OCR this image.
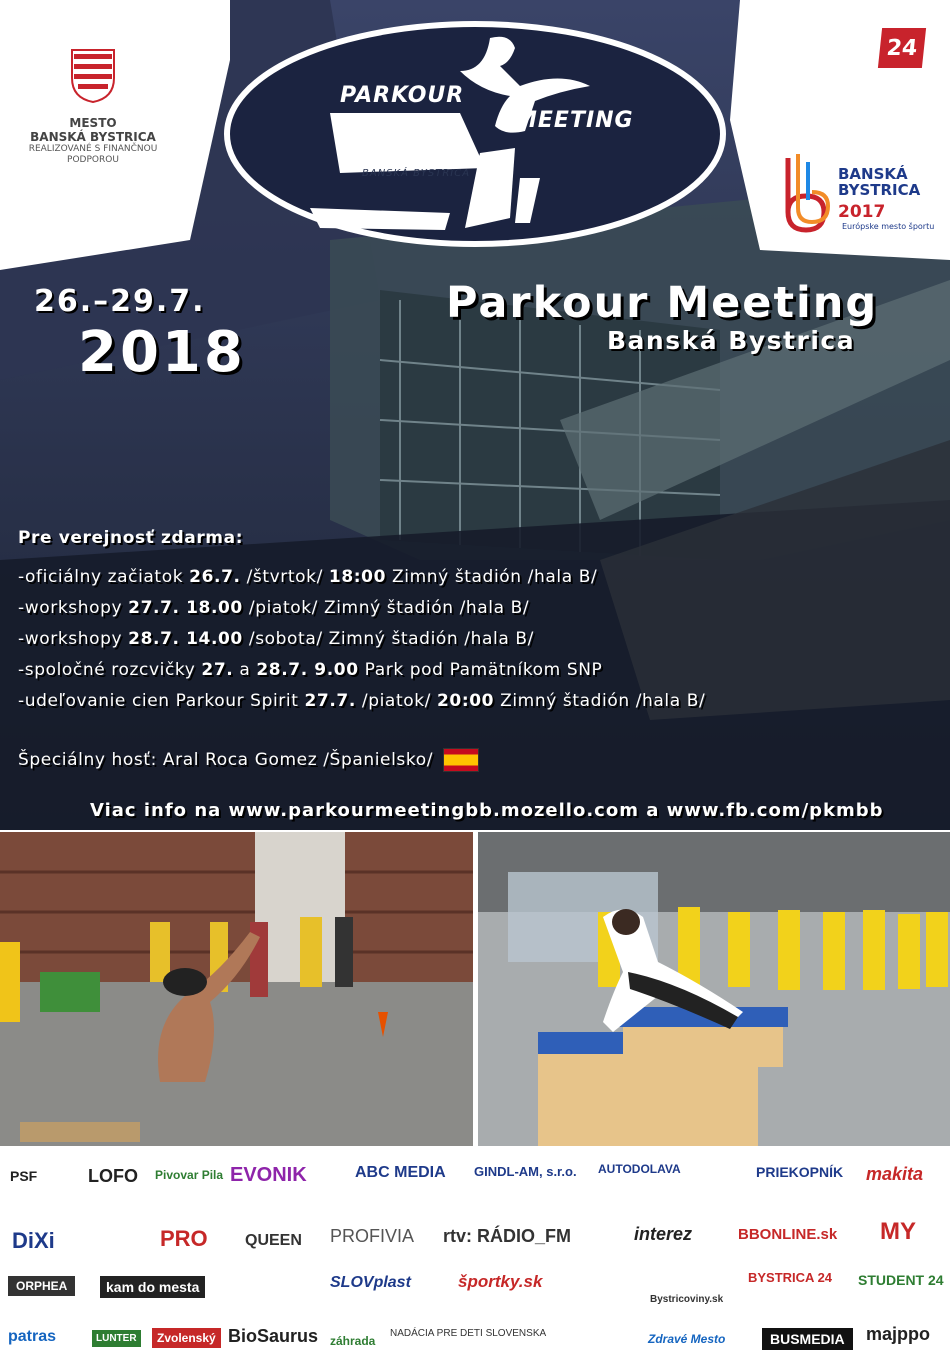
PARKOUR
MEETING
BANSKÁ BYSTRICA
MESTO
BANSKÁ BYSTRICA
REALIZOVANÉ S FINANČNOU
PODPOROU
24
BANSKÁ
BYSTRICA
2017
Európske mesto športu
26.–29.7.
2018
Parkour Meeting
Banská Bystrica
Pre verejnosť zdarma:
-oficiálny začiatok 26.7. /štvrtok/ 18:00 Zimný štadión /hala B/
-workshopy 27.7. 18.00 /piatok/ Zimný štadión /hala B/
-workshopy 28.7. 14.00 /sobota/ Zimný štadión /hala B/
-spoločné rozcvičky 27. a 28.7. 9.00 Park pod Pamätníkom SNP
-udeľovanie cien Parkour Spirit 27.7. /piatok/ 20:00 Zimný štadión /hala B/
Špeciálny hosť: Aral Roca Gomez /Španielsko/
Viac info na www.parkourmeetingbb.mozello.com a www.fb.com/pkmbb
PSF	LOFO Pivovar Pila EVONIK	ABC MEDIA GINDL-AM, s.r.o. AUTODOLAVA	PRIEKOPNÍK makita
DiXi	PRO QUEEN PROFIVIA rtv: RÁDIO_FM	interez	BBONLINE.sk MY
ORPHEA	kam do mesta	SLOVplast	športky.sk
Bystricoviny.sk
BYSTRICA 24 STUDENT 24
patras	LUNTER	Zvolenský BioSaurus záhrada
NADÁCIA PRE DETI SLOVENSKA	Zdravé Mesto	BUSMEDIA	majppo
